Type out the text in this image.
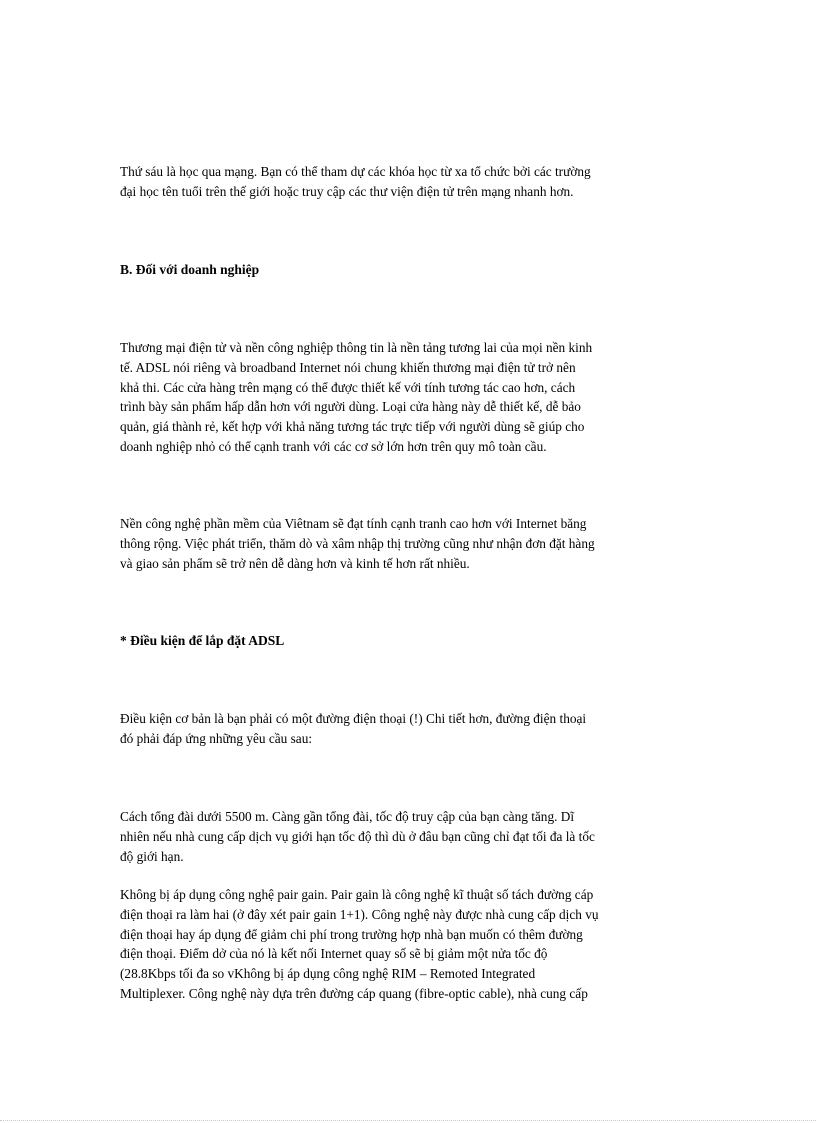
Thứ sáu là học qua mạng. Bạn có thể tham dự các khóa học từ xa tổ chức bởi các trường
đại học tên tuổi trên thế giới hoặc truy cập các thư viện điện tử trên mạng nhanh hơn.
B. Đối với doanh nghiệp
Thương mại điện tử và nền công nghiệp thông tin là nền tảng tương lai của mọi nền kinh
tế. ADSL nói riêng và broadband Internet nói chung khiến thương mại điện tử trở nên
khả thi. Các cửa hàng trên mạng có thể được thiết kế với tính tương tác cao hơn, cách
trình bày sản phẩm hấp dẫn hơn với người dùng. Loại cửa hàng này dễ thiết kế, dễ bảo
quản, giá thành rẻ, kết hợp với khả năng tương tác trực tiếp với người dùng sẽ giúp cho
doanh nghiệp nhỏ có thể cạnh tranh với các cơ sở lớn hơn trên quy mô toàn cầu.
Nền công nghệ phần mềm của Viêtnam sẽ đạt tính cạnh tranh cao hơn với Internet băng
thông rộng. Việc phát triển, thăm dò và xâm nhập thị trường cũng như nhận đơn đặt hàng
và giao sản phẩm sẽ trở nên dễ dàng hơn và kinh tế hơn rất nhiều.
* Điều kiện để lắp đặt ADSL
Điều kiện cơ bản là bạn phải có một đường điện thoại (!) Chi tiết hơn, đường điện thoại
đó phải đáp ứng những yêu cầu sau:
Cách tổng đài dưới 5500 m. Càng gần tổng đài, tốc độ truy cập của bạn càng tăng. Dĩ
nhiên nếu nhà cung cấp dịch vụ giới hạn tốc độ thì dù ở đâu bạn cũng chỉ đạt tối đa là tốc
độ giới hạn.
Không bị áp dụng công nghệ pair gain. Pair gain là công nghệ kĩ thuật số tách đường cáp
điện thoại ra làm hai (ở đây xét pair gain 1+1). Công nghệ này được nhà cung cấp dịch vụ
điện thoại hay áp dụng để giảm chi phí trong trường hợp nhà bạn muốn có thêm đường
điện thoại. Điểm dở của nó là kết nối Internet quay số sẽ bị giảm một nửa tốc độ
(28.8Kbps tối đa so vKhông bị áp dụng công nghệ RIM – Remoted Integrated
Multiplexer. Công nghệ này dựa trên đường cáp quang (fibre-optic cable), nhà cung cấp
